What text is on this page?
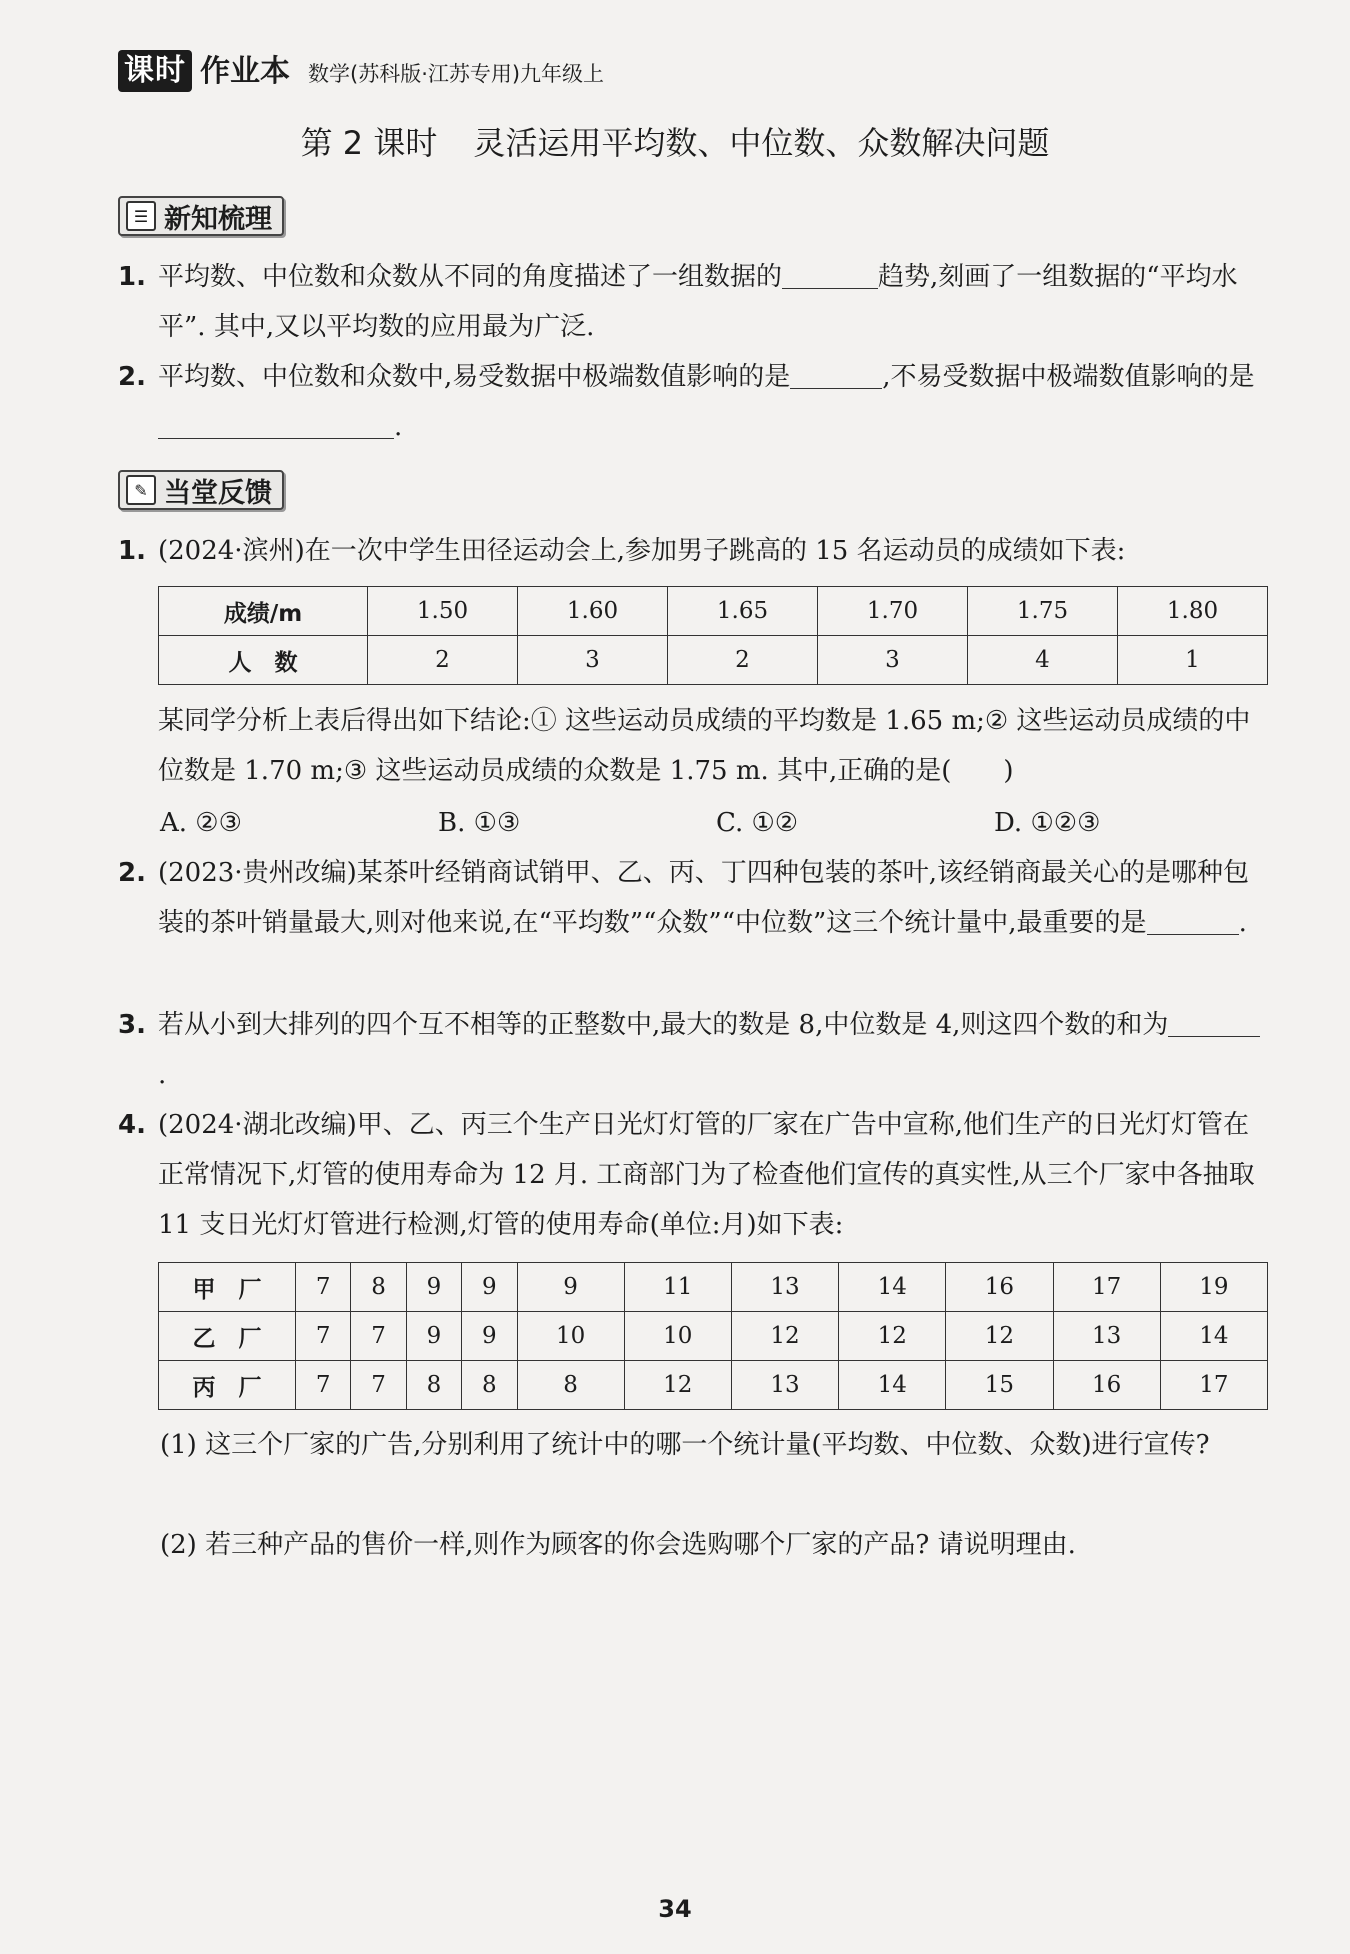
课时 作业本 数学(苏科版·江苏专用)九年级上
第 2 课时 灵活运用平均数、中位数、众数解决问题
☰ 新知梳理
1. 平均数、中位数和众数从不同的角度描述了一组数据的	趋势,刻画了一组数据的“平均水平”. 其中,又以平均数的应用最为广泛.
2. 平均数、中位数和众数中,易受数据中极端数值影响的是	,不易受数据中极端数值影响的是.
✎ 当堂反馈
1. (2024·滨州)在一次中学生田径运动会上,参加男子跳高的 15 名运动员的成绩如下表:
成绩/m	1.50	1.60	1.65	1.70	1.75	1.80
人　数	2	3	2	3	4	1
某同学分析上表后得出如下结论:① 这些运动员成绩的平均数是 1.65 m;② 这些运动员成绩的中位数是 1.70 m;③ 这些运动员成绩的众数是 1.75 m. 其中,正确的是(　　)
A. ②③	B. ①③	C. ①②	D. ①②③
2. (2023·贵州改编)某茶叶经销商试销甲、乙、丙、丁四种包装的茶叶,该经销商最关心的是哪种包装的茶叶销量最大,则对他来说,在“平均数”“众数”“中位数”这三个统计量中,最重要的是	.
3. 若从小到大排列的四个互不相等的正整数中,最大的数是 8,中位数是 4,则这四个数的和为.
4. (2024·湖北改编)甲、乙、丙三个生产日光灯灯管的厂家在广告中宣称,他们生产的日光灯灯管在正常情况下,灯管的使用寿命为 12 月. 工商部门为了检查他们宣传的真实性,从三个厂家中各抽取 11 支日光灯灯管进行检测,灯管的使用寿命(单位:月)如下表:
甲　厂	7	8	9	9	9	11	13	14	16	17	19
乙　厂	7	7	9	9	10	10	12	12	12	13	14
丙　厂	7	7	8	8	8	12	13	14	15	16	17
(1) 这三个厂家的广告,分别利用了统计中的哪一个统计量(平均数、中位数、众数)进行宣传?
(2) 若三种产品的售价一样,则作为顾客的你会选购哪个厂家的产品? 请说明理由.
34
